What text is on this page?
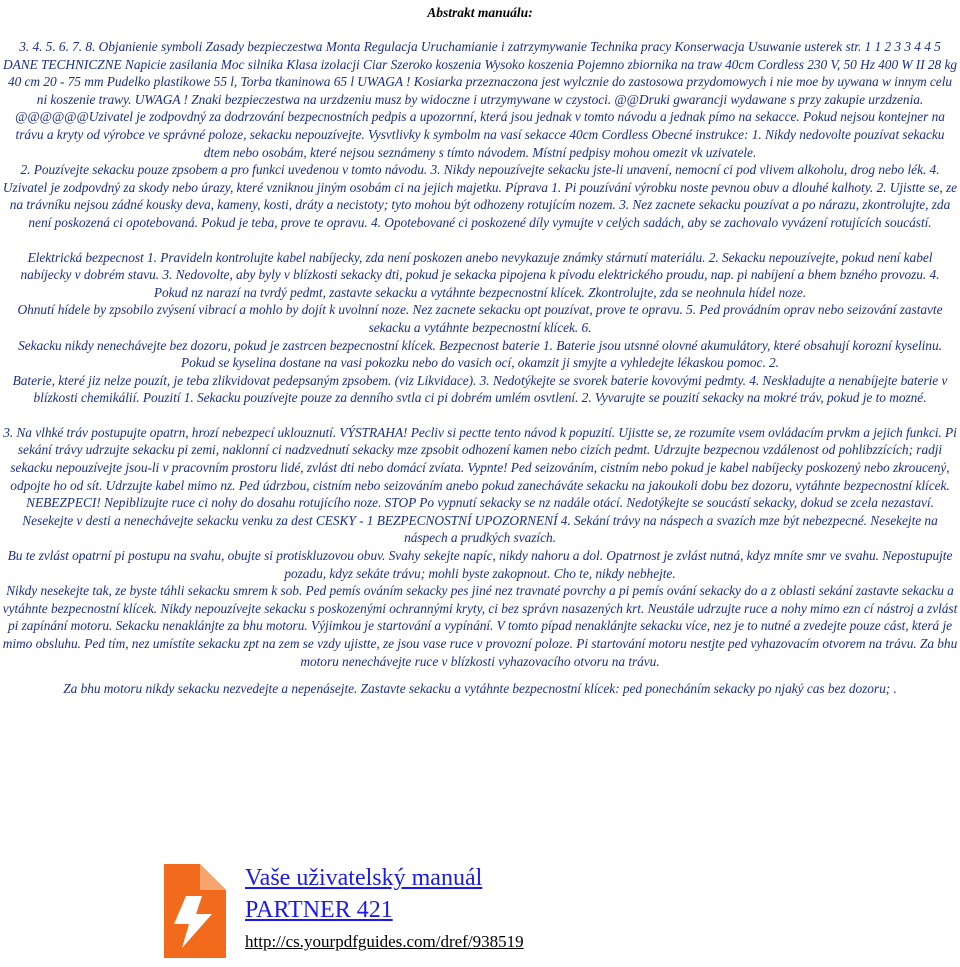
Abstrakt manuálu:

3. 4. 5. 6. 7. 8. Objanienie symboli Zasady bezpieczestwa Monta Regulacja Uruchamianie i zatrzymywanie Technika pracy Konserwacja Usuwanie usterek str. 1 1 2 3 3 4 4 5 DANE TECHNICZNE Napicie zasilania Moc silnika Klasa izolacji Ciar Szeroko koszenia Wysoko koszenia Pojemno zbiornika na traw 40cm Cordless 230 V, 50 Hz 400 W II 28 kg 40 cm 20 - 75 mm Pudelko plastikowe 55 l, Torba tkaninowa 65 l UWAGA ! Kosiarka przeznaczona jest wylcznie do zastosowa przydomowych i nie moe by uywana w innym celu ni koszenie trawy. UWAGA ! Znaki bezpieczestwa na urzdzeniu musz by widoczne i utrzymywane w czystoci. @@Druki gwarancji wydawane s przy zakupie urzdzenia.

@@@@@@Uzivatel je zodpovdný za dodrzování bezpecnostních pedpis a upozornní, která jsou jednak v tomto návodu a jednak pímo na sekacce. Pokud nejsou kontejner na trávu a kryty od výrobce ve správné poloze, sekacku nepouzívejte. Vysvtlivky k symbolm na vasí sekacce 40cm Cordless Obecné instrukce: 1. Nikdy nedovolte pouzívat sekacku dtem nebo osobám, které nejsou seznámeny s tímto návodem. Místní pedpisy mohou omezit vk uzivatele.

2. Pouzívejte sekacku pouze zpsobem a pro funkci uvedenou v tomto návodu. 3. Nikdy nepouzívejte sekacku jste-li unavení, nemocní ci pod vlivem alkoholu, drog nebo lék. 4.

Uzivatel je zodpovdný za skody nebo úrazy, které vzniknou jiným osobám ci na jejich majetku. Píprava 1. Pi pouzívání výrobku noste pevnou obuv a dlouhé kalhoty. 2. Ujistte se, ze na trávníku nejsou zádné kousky deva, kameny, kosti, dráty a necistoty; tyto mohou být odhozeny rotujícím nozem. 3. Nez zacnete sekacku pouzívat a po nárazu, zkontrolujte, zda není poskozená ci opotebovaná. Pokud je teba, prove te opravu. 4. Opotebované ci poskozené díly vymujte v celých sadách, aby se zachovalo vyvázení rotujících soucástí.

Elektrická bezpecnost 1. Pravideln kontrolujte kabel nabíjecky, zda není poskozen anebo nevykazuje známky stárnutí materiálu. 2. Sekacku nepouzívejte, pokud není kabel nabíjecky v dobrém stavu. 3. Nedovolte, aby byly v blízkosti sekacky dti, pokud je sekacka pipojena k pívodu elektrického proudu, nap. pi nabíjení a bhem bzného provozu. 4. Pokud nz narazí na tvrdý pedmt, zastavte sekacku a vytáhnte bezpecnostní klícek. Zkontrolujte, zda se neohnula hídel noze.

Ohnutí hídele by zpsobilo zvýsení vibrací a mohlo by dojít k uvolnní noze. Nez zacnete sekacku opt pouzívat, prove te opravu. 5. Ped provádním oprav nebo seizování zastavte sekacku a vytáhnte bezpecnostní klícek. 6.

Sekacku nikdy nenechávejte bez dozoru, pokud je zastrcen bezpecnostní klícek. Bezpecnost baterie 1. Baterie jsou utsnné olovné akumulátory, které obsahují korozní kyselinu. Pokud se kyselina dostane na vasi pokozku nebo do vasich ocí, okamzit ji smyjte a vyhledejte lékaskou pomoc. 2.

Baterie, které jiz nelze pouzít, je teba zlikvidovat pedepsaným zpsobem. (viz Likvidace). 3. Nedotýkejte se svorek baterie kovovými pedmty. 4. Neskladujte a nenabíjejte baterie v blízkosti chemikálií. Pouzití 1. Sekacku pouzívejte pouze za denního svtla ci pi dobrém umlém osvtlení. 2. Vyvarujte se pouzití sekacky na mokré tráv, pokud je to mozné.

3. Na vlhké tráv postupujte opatrn, hrozí nebezpecí uklouznutí. VÝSTRAHA! Pecliv si pectte tento návod k popuzití. Ujistte se, ze rozumíte vsem ovládacím prvkm a jejich funkci. Pi sekání trávy udrzujte sekacku pi zemi, naklonní ci nadzvednutí sekacky mze zpsobit odhození kamen nebo cizích pedmt. Udrzujte bezpecnou vzdálenost od pohlibzzících; radji sekacku nepouzívejte jsou-li v pracovním prostoru lidé, zvlást dti nebo domácí zvíata. Vypnte! Ped seizováním, cistním nebo pokud je kabel nabíjecky poskozený nebo zkroucený, odpojte ho od sít. Udrzujte kabel mimo nz. Ped údrzbou, cistním nebo seizováním anebo pokud zanecháváte sekacku na jakoukoli dobu bez dozoru, vytáhnte bezpecnostní klícek. NEBEZPECI! Nepiblizujte ruce ci nohy do dosahu rotujícího noze. STOP Po vypnutí sekacky se nz nadále otácí. Nedotýkejte se soucástí sekacky, dokud se zcela nezastaví. Nesekejte v desti a nenechávejte sekacku venku za dest CESKY - 1 BEZPECNOSTNÍ UPOZORNENÍ 4. Sekání trávy na náspech a svazích mze být nebezpecné. Nesekejte na náspech a prudkých svazích.

Bu te zvlást opatrní pi postupu na svahu, obujte si protiskluzovou obuv. Svahy sekejte napíc, nikdy nahoru a dol. Opatrnost je zvlást nutná, kdyz mníte smr ve svahu. Nepostupujte pozadu, kdyz sekáte trávu; mohli byste zakopnout. Cho te, nikdy nebhejte.

Nikdy nesekejte tak, ze byste táhli sekacku smrem k sob. Ped pemís ováním sekacky pes jiné nez travnaté povrchy a pi pemís ování sekacky do a z oblasti sekání zastavte sekacku a vytáhnte bezpecnostní klícek. Nikdy nepouzívejte sekacku s poskozenými ochrannými kryty, ci bez správn nasazených krt. Neustále udrzujte ruce a nohy mimo ezn cí nástroj a zvlást pi zapínání motoru. Sekacku nenaklánjte za bhu motoru. Výjimkou je startování a vypínání. V tomto pípad nenaklánjte sekacku více, nez je to nutné a zvedejte pouze cást, která je mimo obsluhu. Ped tím, nez umístíte sekacku zpt na zem se vzdy ujistte, ze jsou vase ruce v provozní poloze. Pi startování motoru nestjte ped vyhazovacím otvorem na trávu. Za bhu motoru nenechávejte ruce v blízkosti vyhazovacího otvoru na trávu.

Za bhu motoru nikdy sekacku nezvedejte a nepenásejte. Zastavte sekacku a vytáhnte bezpecnostní klícek: ped ponecháním sekacky po njaký cas bez dozoru; .

Vaše uživatelský manuál
PARTNER 421
http://cs.yourpdfguides.com/dref/938519
